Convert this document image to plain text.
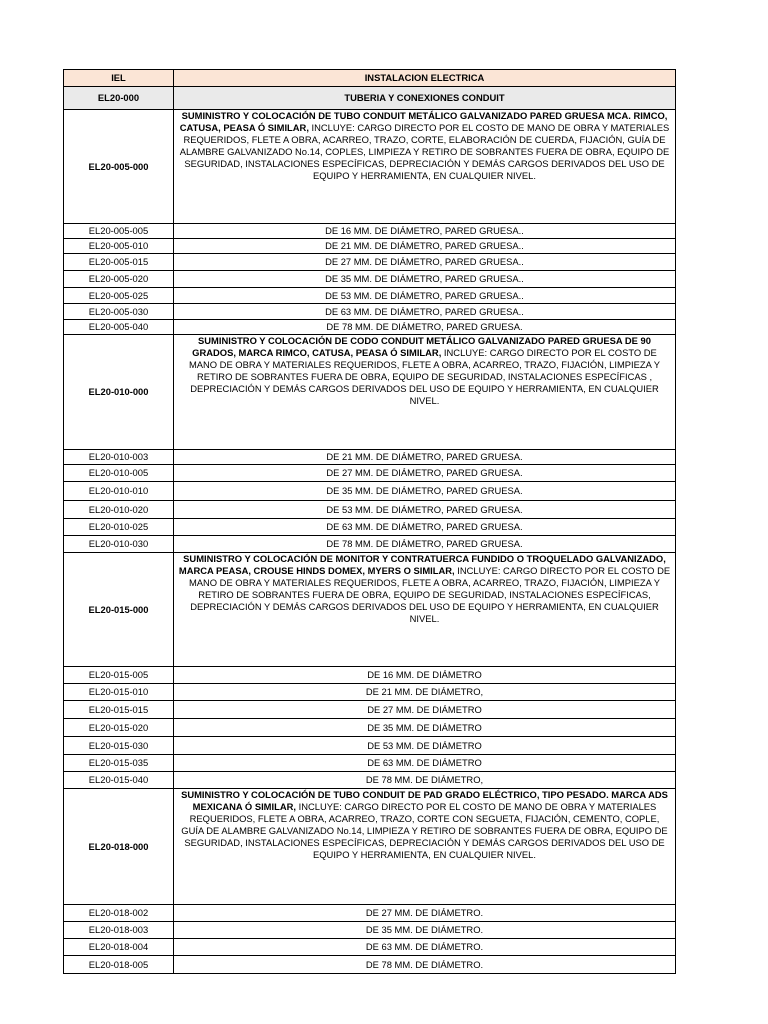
IEL	INSTALACION ELECTRICA
EL20-000	TUBERIA Y CONEXIONES CONDUIT
EL20-005-000	SUMINISTRO Y COLOCACIÓN DE TUBO CONDUIT METÁLICO GALVANIZADO PARED GRUESA MCA. RIMCO, CATUSA, PEASA Ó SIMILAR, INCLUYE: CARGO DIRECTO POR EL COSTO DE MANO DE OBRA Y MATERIALES REQUERIDOS, FLETE A OBRA, ACARREO, TRAZO, CORTE, ELABORACIÓN DE CUERDA, FIJACIÓN, GUÍA DE ALAMBRE GALVANIZADO No.14, COPLES, LIMPIEZA Y RETIRO DE SOBRANTES FUERA DE OBRA, EQUIPO DE SEGURIDAD, INSTALACIONES ESPECÍFICAS, DEPRECIACIÓN Y DEMÁS CARGOS DERIVADOS DEL USO DE EQUIPO Y HERRAMIENTA, EN CUALQUIER NIVEL.
EL20-005-005	DE 16 MM. DE DIÁMETRO, PARED GRUESA..
EL20-005-010	DE 21 MM. DE DIÁMETRO, PARED GRUESA..
EL20-005-015	DE 27 MM. DE DIÁMETRO, PARED GRUESA..
EL20-005-020	DE 35 MM. DE DIÁMETRO, PARED GRUESA..
EL20-005-025	DE 53 MM. DE DIÁMETRO, PARED GRUESA..
EL20-005-030	DE 63 MM. DE DIÁMETRO, PARED GRUESA..
EL20-005-040	DE 78 MM. DE DIÁMETRO, PARED GRUESA.
EL20-010-000	SUMINISTRO Y COLOCACIÓN DE CODO CONDUIT METÁLICO GALVANIZADO PARED GRUESA DE 90 GRADOS, MARCA RIMCO, CATUSA, PEASA Ó SIMILAR, INCLUYE: CARGO DIRECTO POR EL COSTO DE MANO DE OBRA Y MATERIALES REQUERIDOS, FLETE A OBRA, ACARREO, TRAZO, FIJACIÓN, LIMPIEZA Y RETIRO DE SOBRANTES FUERA DE OBRA, EQUIPO DE SEGURIDAD, INSTALACIONES ESPECÍFICAS , DEPRECIACIÓN Y DEMÁS CARGOS DERIVADOS DEL USO DE EQUIPO Y HERRAMIENTA, EN CUALQUIER NIVEL.
EL20-010-003	DE 21 MM. DE DIÁMETRO, PARED GRUESA.
EL20-010-005	DE 27 MM. DE DIÁMETRO, PARED GRUESA.
EL20-010-010	DE 35 MM. DE DIÁMETRO, PARED GRUESA.
EL20-010-020	DE 53 MM. DE DIÁMETRO, PARED GRUESA.
EL20-010-025	DE 63 MM. DE DIÁMETRO, PARED GRUESA.
EL20-010-030	DE 78 MM. DE DIÁMETRO, PARED GRUESA.
EL20-015-000	SUMINISTRO Y COLOCACIÓN DE MONITOR Y CONTRATUERCA FUNDIDO O TROQUELADO GALVANIZADO, MARCA PEASA, CROUSE HINDS DOMEX, MYERS O SIMILAR, INCLUYE: CARGO DIRECTO POR EL COSTO DE MANO DE OBRA Y MATERIALES REQUERIDOS, FLETE A OBRA, ACARREO, TRAZO, FIJACIÓN, LIMPIEZA Y RETIRO DE SOBRANTES FUERA DE OBRA, EQUIPO DE SEGURIDAD, INSTALACIONES ESPECÍFICAS, DEPRECIACIÓN Y DEMÁS CARGOS DERIVADOS DEL USO DE EQUIPO Y HERRAMIENTA, EN CUALQUIER NIVEL.
EL20-015-005	DE 16 MM. DE DIÁMETRO
EL20-015-010	DE 21 MM. DE DIÁMETRO,
EL20-015-015	DE 27 MM. DE DIÁMETRO
EL20-015-020	DE 35 MM. DE DIÁMETRO
EL20-015-030	DE 53 MM. DE DIÁMETRO
EL20-015-035	DE 63 MM. DE DIÁMETRO
EL20-015-040	DE 78 MM. DE DIÁMETRO,
EL20-018-000	SUMINISTRO Y COLOCACIÓN DE TUBO CONDUIT DE PAD GRADO ELÉCTRICO, TIPO PESADO. MARCA ADS MEXICANA Ó SIMILAR, INCLUYE: CARGO DIRECTO POR EL COSTO DE MANO DE OBRA Y MATERIALES REQUERIDOS, FLETE A OBRA, ACARREO, TRAZO, CORTE CON SEGUETA, FIJACIÓN, CEMENTO, COPLE, GUÍA DE ALAMBRE GALVANIZADO No.14, LIMPIEZA Y RETIRO DE SOBRANTES FUERA DE OBRA, EQUIPO DE SEGURIDAD, INSTALACIONES ESPECÍFICAS, DEPRECIACIÓN Y DEMÁS CARGOS DERIVADOS DEL USO DE EQUIPO Y HERRAMIENTA, EN CUALQUIER NIVEL.
EL20-018-002	DE 27 MM. DE DIÁMETRO.
EL20-018-003	DE 35 MM. DE DIÁMETRO.
EL20-018-004	DE 63 MM. DE DIÁMETRO.
EL20-018-005	DE 78 MM. DE DIÁMETRO.
